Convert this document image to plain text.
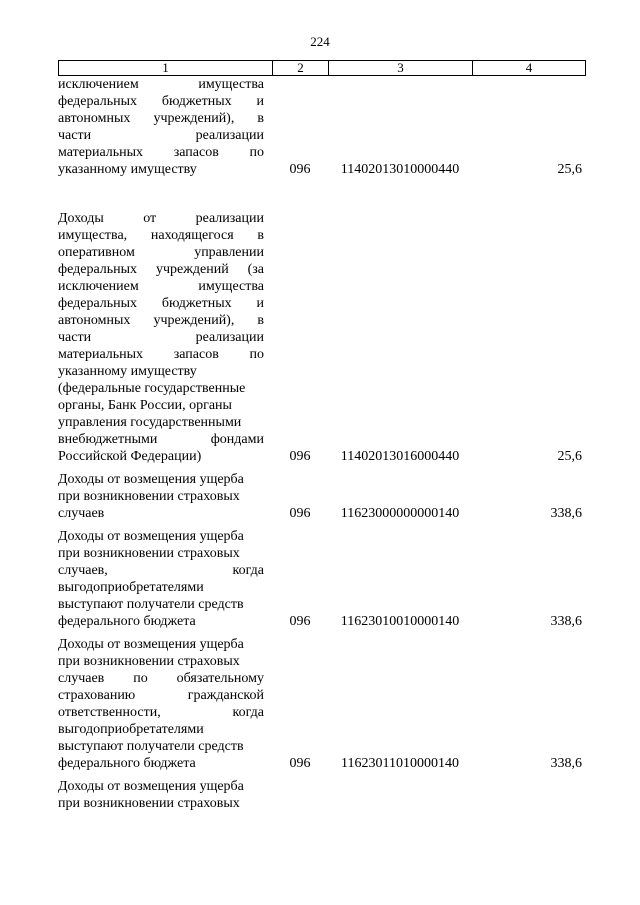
224
1	2	3	4
исключением имущества
федеральных бюджетных и
автономных учреждений), в
части реализации
материальных запасов по
указанному имуществу	096	11402013010000440	25,6
Доходы от реализации
имущества, находящегося в
оперативном управлении
федеральных учреждений (за
исключением имущества
федеральных бюджетных и
автономных учреждений), в
части реализации
материальных запасов по
указанному имуществу
(федеральные государственные
органы, Банк России, органы
управления государственными
внебюджетными фондами
Российской Федерации)	096	11402013016000440	25,6
Доходы от возмещения ущерба
при возникновении страховых
случаев	096	11623000000000140	338,6
Доходы от возмещения ущерба
при возникновении страховых
случаев, когда
выгодоприобретателями
выступают получатели средств
федерального бюджета	096	11623010010000140	338,6
Доходы от возмещения ущерба
при возникновении страховых
случаев по обязательному
страхованию гражданской
ответственности, когда
выгодоприобретателями
выступают получатели средств
федерального бюджета	096	11623011010000140	338,6
Доходы от возмещения ущерба
при возникновении страховых
